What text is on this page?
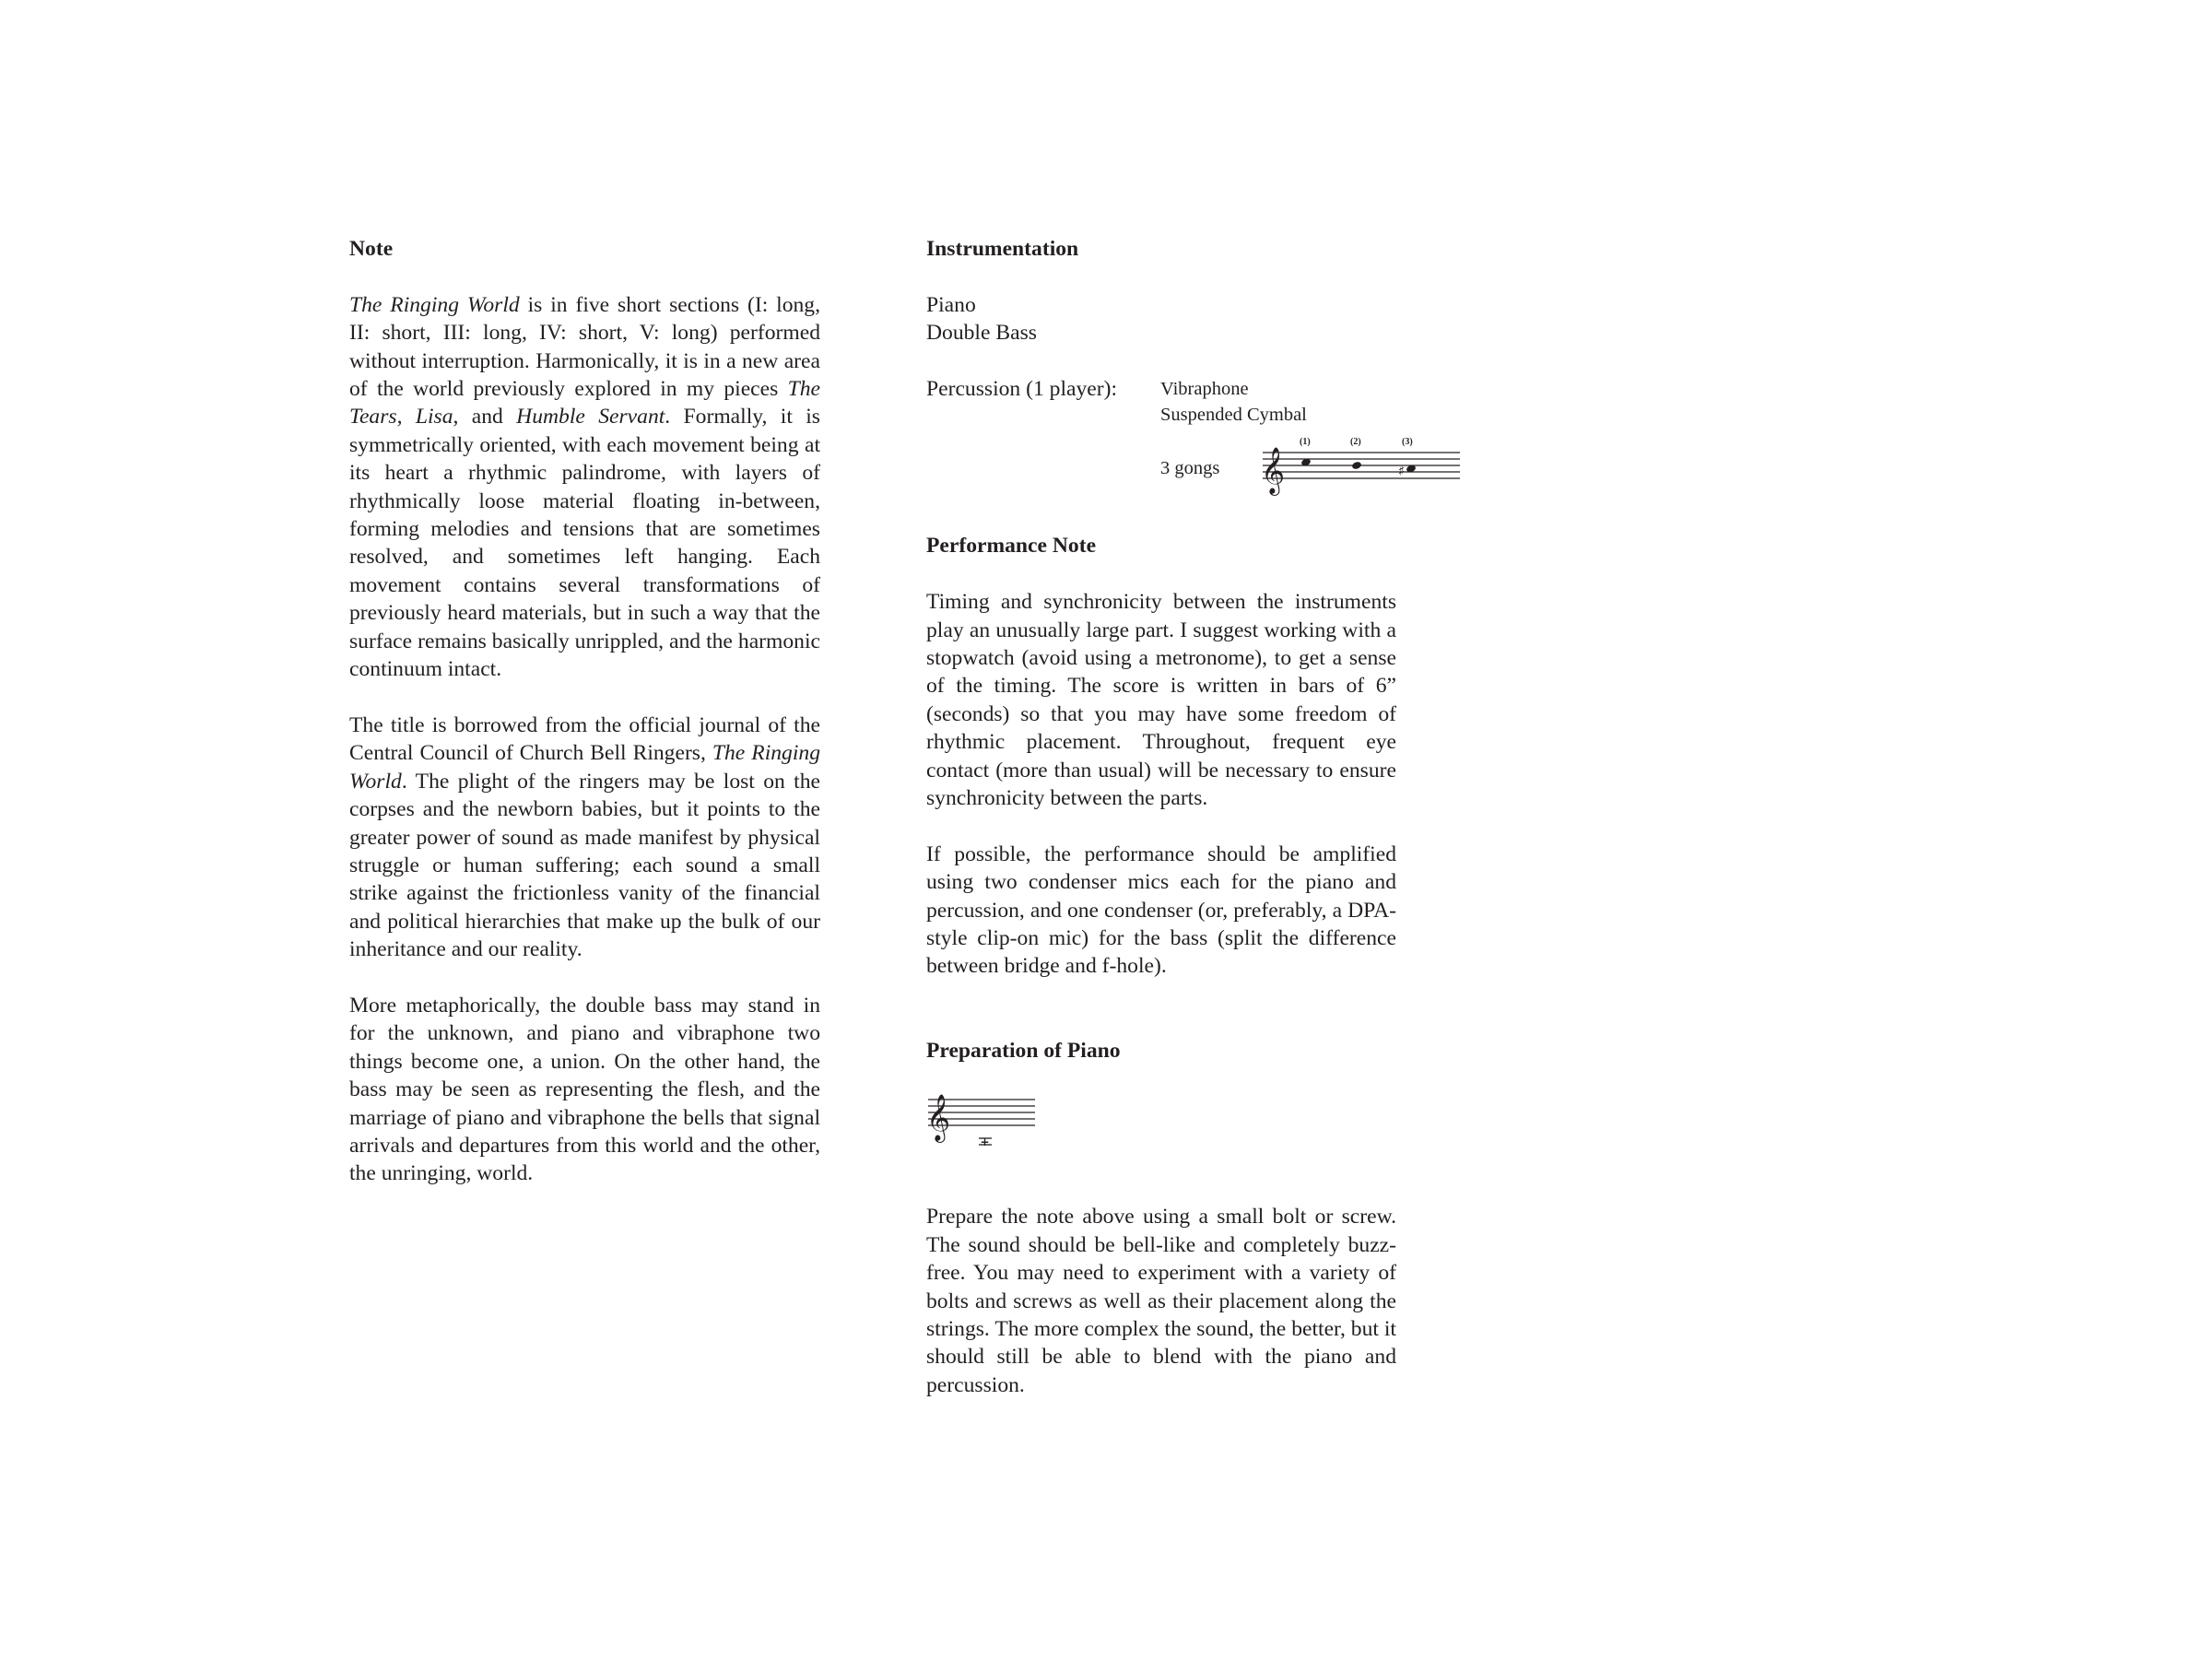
Note

The Ringing World is in five short sections (I: long, II: short, III: long, IV: short, V: long) performed without interruption. Harmonically, it is in a new area of the world previously explored in my pieces The Tears, Lisa, and Humble Servant. Formally, it is symmetrically oriented, with each movement being at its heart a rhythmic palindrome, with layers of rhythmically loose material floating in-between, forming melodies and tensions that are sometimes resolved, and sometimes left hanging. Each movement contains several transformations of previously heard materials, but in such a way that the surface remains basically unrippled, and the harmonic continuum intact.

The title is borrowed from the official journal of the Central Council of Church Bell Ringers, The Ringing World. The plight of the ringers may be lost on the corpses and the newborn babies, but it points to the greater power of sound as made manifest by physical struggle or human suffering; each sound a small strike against the frictionless vanity of the financial and political hierarchies that make up the bulk of our inheritance and our reality.

More metaphorically, the double bass may stand in for the unknown, and piano and vibraphone two things become one, a union. On the other hand, the bass may be seen as representing the flesh, and the marriage of piano and vibraphone the bells that signal arrivals and departures from this world and the other, the unringing, world.

Instrumentation

Piano

Double Bass

Percussion (1 player): Vibraphone
Suspended Cymbal
3 gongs 𝄞
(1)	(2)	(3)
♯

Performance Note

Timing and synchronicity between the instruments play an unusually large part. I suggest working with a stopwatch (avoid using a metronome), to get a sense of the timing. The score is written in bars of 6” (seconds) so that you may have some freedom of rhythmic placement. Throughout, frequent eye contact (more than usual) will be necessary to ensure synchronicity between the parts.

If possible, the performance should be amplified using two condenser mics each for the piano and percussion, and one condenser (or, preferably, a DPA-style clip-on mic) for the bass (split the difference between bridge and f-hole).

Preparation of Piano

𝄞
+

Prepare the note above using a small bolt or screw. The sound should be bell-like and completely buzz-free. You may need to experiment with a variety of bolts and screws as well as their placement along the strings. The more complex the sound, the better, but it should still be able to blend with the piano and percussion.
